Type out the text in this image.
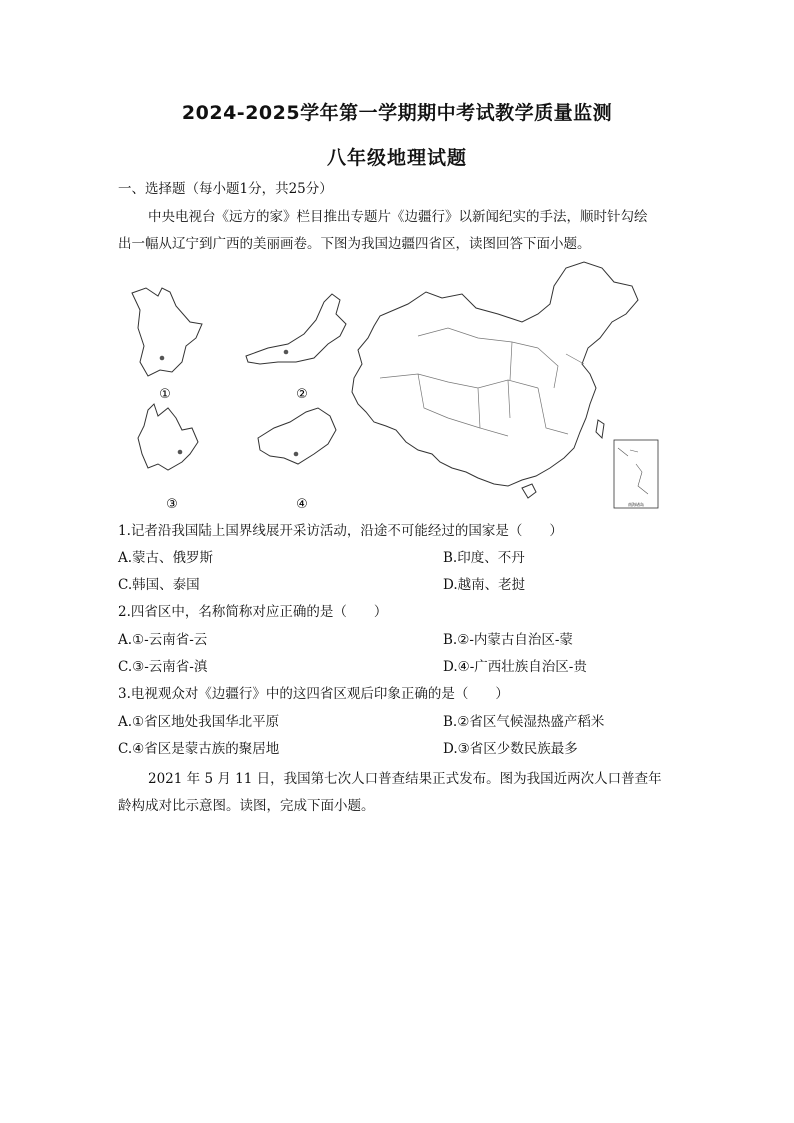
2024-2025学年第一学期期中考试教学质量监测
八年级地理试题
一、选择题（每小题1分，共25分）
中央电视台《远方的家》栏目推出专题片《边疆行》以新闻纪实的手法，顺时针勾绘
出一幅从辽宁到广西的美丽画卷。下图为我国边疆四省区，读图回答下面小题。
①	②
③	④	南海诸岛
1.记者沿我国陆上国界线展开采访活动，沿途不可能经过的国家是（　　）
A.蒙古、俄罗斯	B.印度、不丹
C.韩国、泰国	D.越南、老挝
2.四省区中，名称简称对应正确的是（　　）
A.①-云南省-云	B.②-内蒙古自治区-蒙
C.③-云南省-滇	D.④-广西壮族自治区-贵
3.电视观众对《边疆行》中的这四省区观后印象正确的是（　　）
A.①省区地处我国华北平原	B.②省区气候湿热盛产稻米
C.④省区是蒙古族的聚居地	D.③省区少数民族最多
2021 年 5 月 11 日，我国第七次人口普查结果正式发布。图为我国近两次人口普查年
龄构成对比示意图。读图，完成下面小题。
